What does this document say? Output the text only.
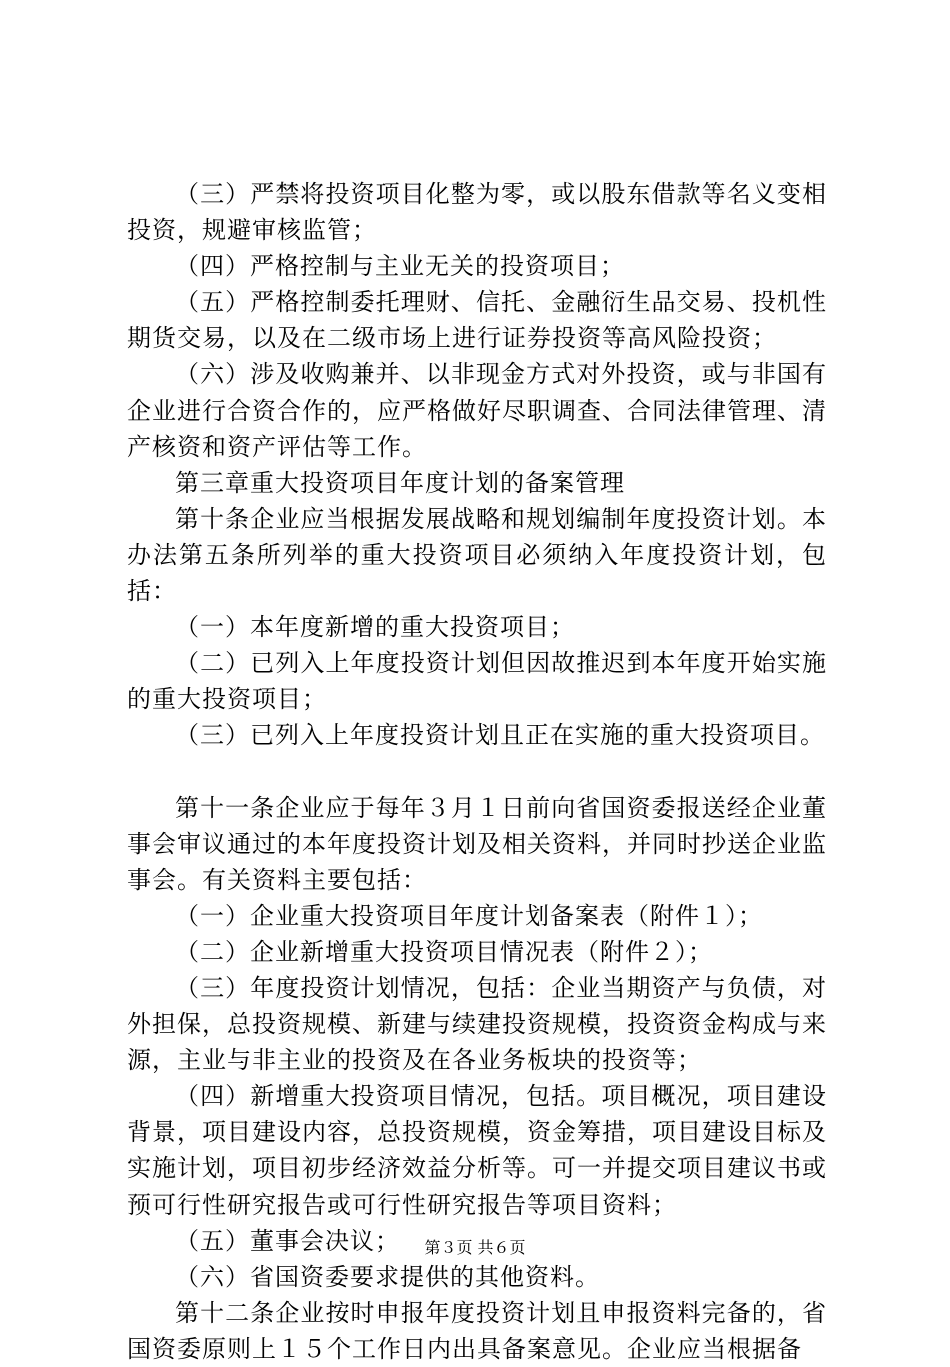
（三）严禁将投资项目化整为零，或以股东借款等名义变相投资，规避审核监管；

（四）严格控制与主业无关的投资项目；

（五）严格控制委托理财、信托、金融衍生品交易、投机性期货交易，以及在二级市场上进行证券投资等高风险投资；

（六）涉及收购兼并、以非现金方式对外投资，或与非国有企业进行合资合作的，应严格做好尽职调查、合同法律管理、清产核资和资产评估等工作。

第三章重大投资项目年度计划的备案管理

第十条企业应当根据发展战略和规划编制年度投资计划。本办法第五条所列举的重大投资项目必须纳入年度投资计划，包括：

（一）本年度新增的重大投资项目；

（二）已列入上年度投资计划但因故推迟到本年度开始实施的重大投资项目；

（三）已列入上年度投资计划且正在实施的重大投资项目。

第十一条企业应于每年３月１日前向省国资委报送经企业董事会审议通过的本年度投资计划及相关资料，并同时抄送企业监事会。有关资料主要包括：

（一）企业重大投资项目年度计划备案表（附件１）；

（二）企业新增重大投资项目情况表（附件２）；

（三）年度投资计划情况，包括：企业当期资产与负债，对外担保，总投资规模、新建与续建投资规模，投资资金构成与来源，主业与非主业的投资及在各业务板块的投资等；

（四）新增重大投资项目情况，包括。项目概况，项目建设背景，项目建设内容，总投资规模，资金筹措，项目建设目标及实施计划，项目初步经济效益分析等。可一并提交项目建议书或预可行性研究报告或可行性研究报告等项目资料；

（五）董事会决议；

（六）省国资委要求提供的其他资料。

第十二条企业按时申报年度投资计划且申报资料完备的，省国资委原则上１５个工作日内出具备案意见。企业应当根据备

第３页 共６页
